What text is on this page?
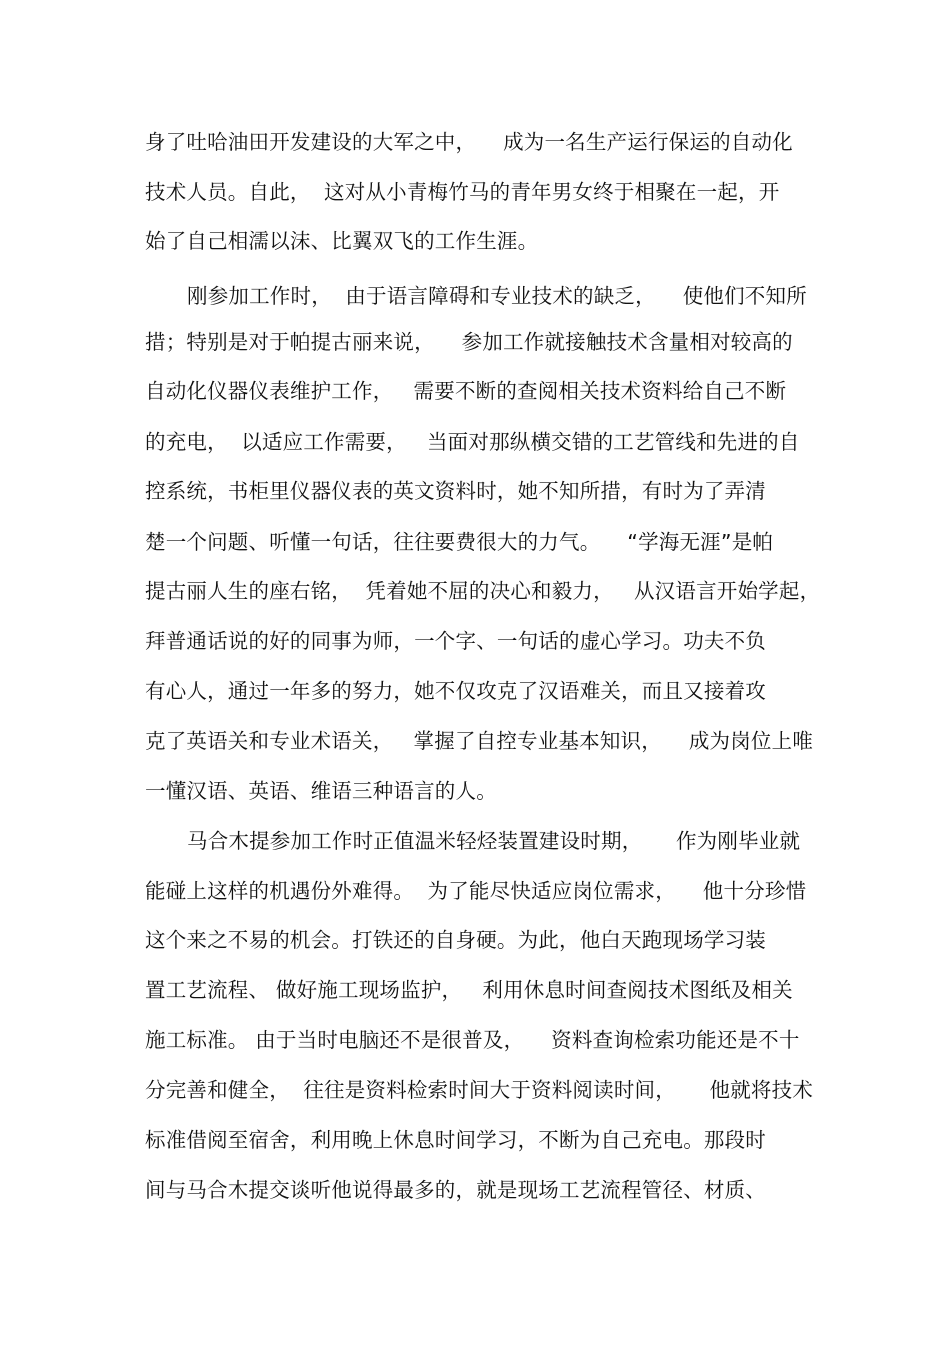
身了吐哈油田开发建设的大军之中，    成为一名生产运行保运的自动化
技术人员。自此，  这对从小青梅竹马的青年男女终于相聚在一起，开
始了自己相濡以沫、比翼双飞的工作生涯。
刚参加工作时，  由于语言障碍和专业技术的缺乏，    使他们不知所
措；特别是对于帕提古丽来说，    参加工作就接触技术含量相对较高的
自动化仪器仪表维护工作，   需要不断的查阅相关技术资料给自己不断
的充电，  以适应工作需要，   当面对那纵横交错的工艺管线和先进的自
控系统，书柜里仪器仪表的英文资料时，她不知所措，有时为了弄清
楚一个问题、听懂一句话，往往要费很大的力气。    “学海无涯”是帕
提古丽人生的座右铭，  凭着她不屈的决心和毅力，   从汉语言开始学起，
拜普通话说的好的同事为师，一个字、一句话的虚心学习。功夫不负
有心人，通过一年多的努力，她不仅攻克了汉语难关，而且又接着攻
克了英语关和专业术语关，   掌握了自控专业基本知识，    成为岗位上唯
一懂汉语、英语、维语三种语言的人。
马合木提参加工作时正值温米轻烃装置建设时期，     作为刚毕业就
能碰上这样的机遇份外难得。  为了能尽快适应岗位需求，    他十分珍惜
这个来之不易的机会。打铁还的自身硬。为此，他白天跑现场学习装
置工艺流程、 做好施工现场监护，   利用休息时间查阅技术图纸及相关
施工标准。 由于当时电脑还不是很普及，    资料查询检索功能还是不十
分完善和健全，  往往是资料检索时间大于资料阅读时间，     他就将技术
标准借阅至宿舍，利用晚上休息时间学习，不断为自己充电。那段时
间与马合木提交谈听他说得最多的，就是现场工艺流程管径、材质、
